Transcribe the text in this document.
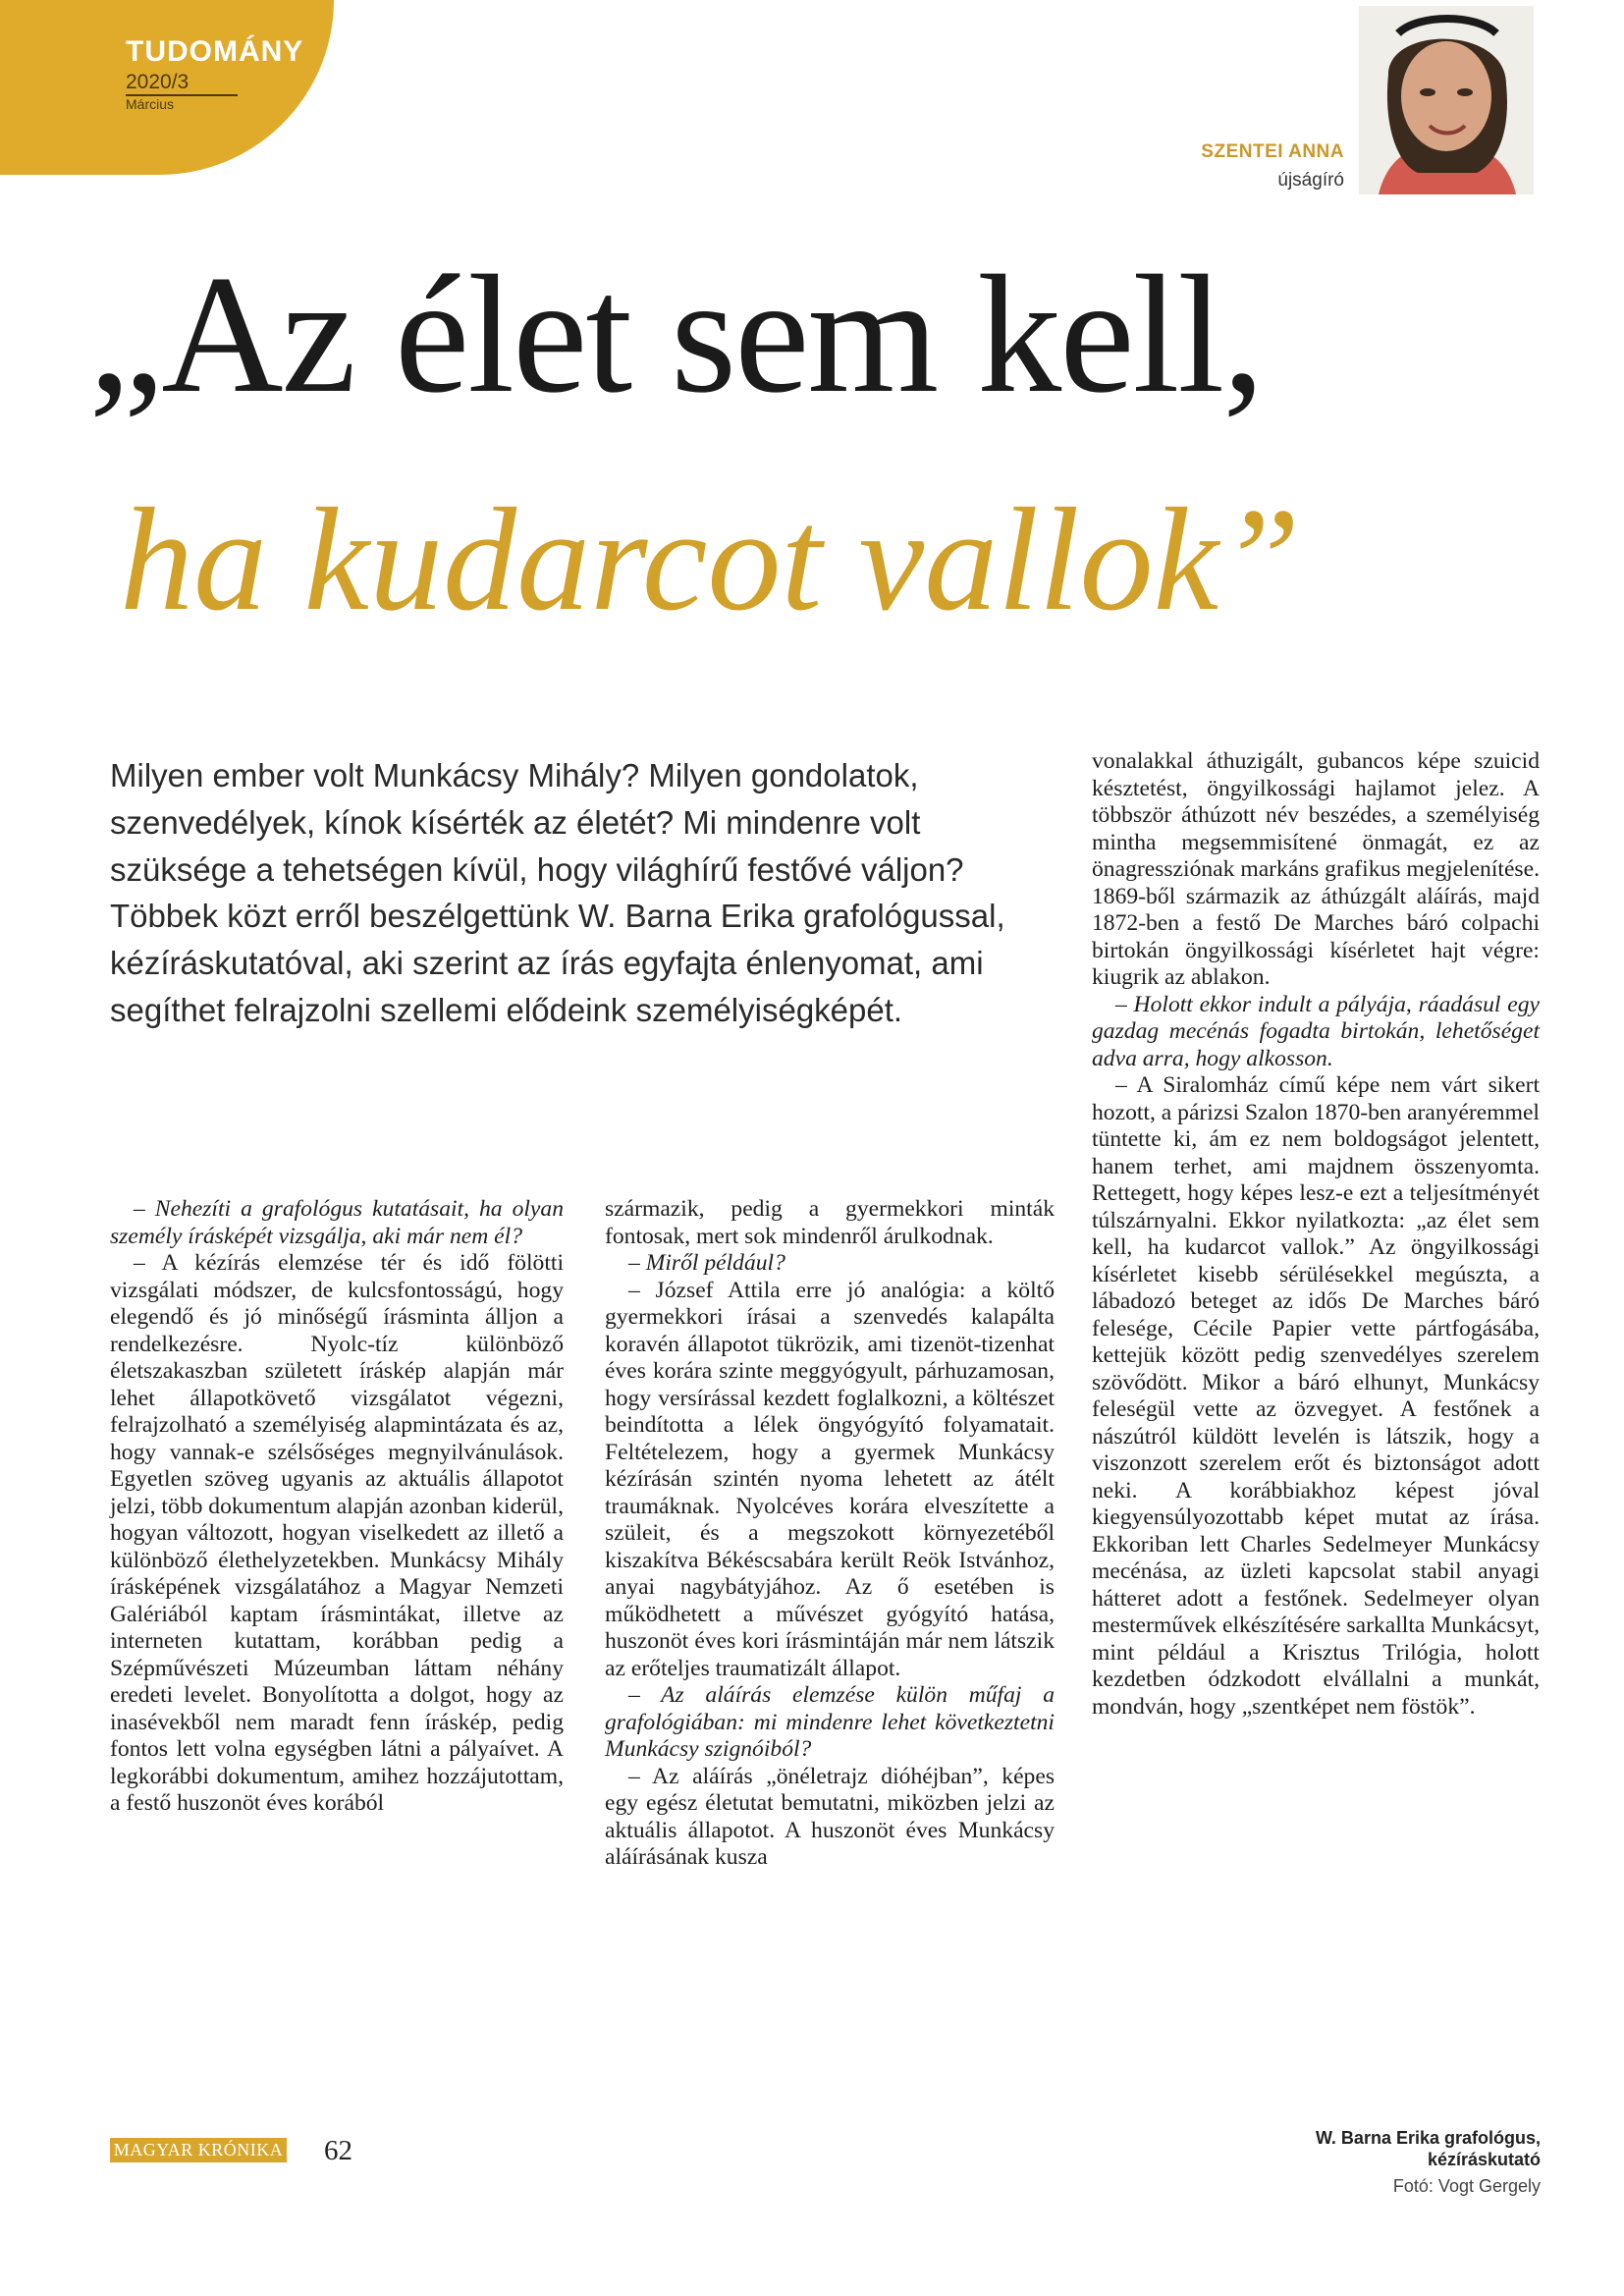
TUDOMÁNY
2020/3
Március
SZENTEI ANNA
újságíró
„Az élet sem kell,
ha kudarcot vallok”
Milyen ember volt Munkácsy Mihály? Milyen gondolatok, szenvedélyek, kínok kísérték az életét? Mi mindenre volt szüksége a tehetségen kívül, hogy világhírű festővé váljon? Többek közt erről beszélgettünk W. Barna Erika grafológussal, kézíráskutatóval, aki szerint az írás egyfajta énlenyomat, ami segíthet felrajzolni szellemi elődeink személyiségképét.

– Nehezíti a grafológus kutatásait, ha olyan személy írásképét vizsgálja, aki már nem él?

– A kézírás elemzése tér és idő fölötti vizsgálati módszer, de kulcsfontosságú, hogy elegendő és jó minőségű írásminta álljon a rendelkezésre. Nyolc-tíz különböző életszakaszban született íráskép alapján már lehet állapotkövető vizsgálatot végezni, felrajzolható a személyiség alapmintázata és az, hogy vannak-e szélsőséges megnyilvánulások. Egyetlen szöveg ugyanis az aktuális állapotot jelzi, több dokumentum alapján azonban kiderül, hogyan változott, hogyan viselkedett az illető a különböző élethelyzetekben. Munkácsy Mihály írásképének vizsgálatához a Magyar Nemzeti Galériából kaptam írásmintákat, illetve az interneten kutattam, korábban pedig a Szépművészeti Múzeumban láttam néhány eredeti levelet. Bonyolította a dolgot, hogy az inasévekből nem maradt fenn íráskép, pedig fontos lett volna egységben látni a pályaívet. A legkorábbi dokumentum, amihez hozzájutottam, a festő huszonöt éves korából

származik, pedig a gyermekkori minták fontosak, mert sok mindenről árulkodnak.

– Miről például?

– József Attila erre jó analógia: a költő gyermekkori írásai a szenvedés kalapálta koravén állapotot tükrözik, ami tizenöt-tizenhat éves korára szinte meggyógyult, párhuzamosan, hogy versírással kezdett foglalkozni, a költészet beindította a lélek öngyógyító folyamatait. Feltételezem, hogy a gyermek Munkácsy kézírásán szintén nyoma lehetett az átélt traumáknak. Nyolcéves korára elveszítette a szüleit, és a megszokott környezetéből kiszakítva Békéscsabára került Reök Istvánhoz, anyai nagybátyjához. Az ő esetében is működhetett a művészet gyógyító hatása, huszonöt éves kori írásmintáján már nem látszik az erőteljes traumatizált állapot.

– Az aláírás elemzése külön műfaj a grafológiában: mi mindenre lehet következtetni Munkácsy szignóiból?

– Az aláírás „önéletrajz dióhéjban”, képes egy egész életutat bemutatni, miközben jelzi az aktuális állapotot. A huszonöt éves Munkácsy aláírásának kusza

vonalakkal áthuzigált, gubancos képe szuicid késztetést, öngyilkossági hajlamot jelez. A többször áthúzott név beszédes, a személyiség mintha megsemmisítené önmagát, ez az önagressziónak markáns grafikus megjelenítése. 1869-ből származik az áthúzgált aláírás, majd 1872-ben a festő De Marches báró colpachi birtokán öngyilkossági kísérletet hajt végre: kiugrik az ablakon.

– Holott ekkor indult a pályája, ráadásul egy gazdag mecénás fogadta birtokán, lehetőséget adva arra, hogy alkosson.

– A Siralomház című képe nem várt sikert hozott, a párizsi Szalon 1870-ben aranyéremmel tüntette ki, ám ez nem boldogságot jelentett, hanem terhet, ami majdnem összenyomta. Rettegett, hogy képes lesz-e ezt a teljesítményét túlszárnyalni. Ekkor nyilatkozta: „az élet sem kell, ha kudarcot vallok.” Az öngyilkossági kísérletet kisebb sérülésekkel megúszta, a lábadozó beteget az idős De Marches báró felesége, Cécile Papier vette pártfogásába, kettejük között pedig szenvedélyes szerelem szövődött. Mikor a báró elhunyt, Munkácsy feleségül vette az özvegyet. A festőnek a nászútról küldött levelén is látszik, hogy a viszonzott szerelem erőt és biztonságot adott neki. A korábbiakhoz képest jóval kiegyensúlyozottabb képet mutat az írása. Ekkoriban lett Charles Sedelmeyer Munkácsy mecénása, az üzleti kapcsolat stabil anyagi hátteret adott a festőnek. Sedelmeyer olyan mesterművek elkészítésére sarkallta Munkácsyt, mint például a Krisztus Trilógia, holott kezdetben ódzkodott elvállalni a munkát, mondván, hogy „szentképet nem föstök”.

MAGYAR KRÓNIKA 62	W. Barna Erika grafológus,
kézíráskutató
Fotó: Vogt Gergely
